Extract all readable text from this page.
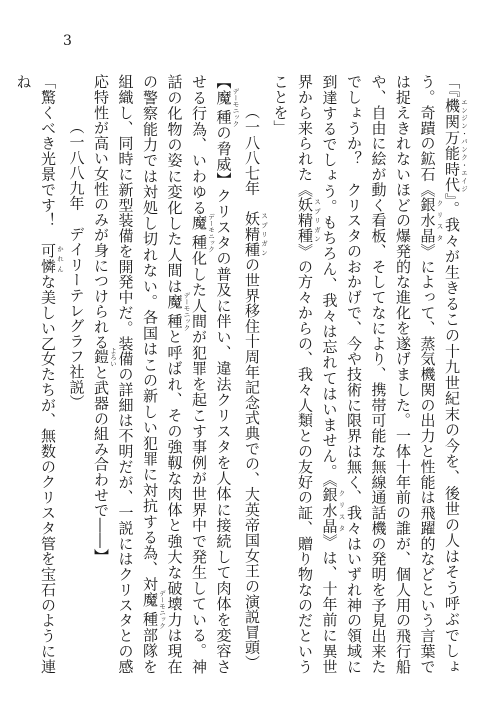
3

「『機関万能時代 エンジン・パンク・エイジ』。我々が生きるこの十九世紀末の今を、後世の人はそう呼ぶでしょう。奇蹟の鉱石《銀水晶 クリスタ》によって、蒸気機関の出力と性能は飛躍的などという言葉では捉えきれないほどの爆発的な進化を遂げました。一体十年前の誰が、個人用の飛行船や、自由に絵が動く看板、そしてなにより、携帯可能な無線通話機の発明を予見出来たでしょうか？　クリスタのおかげで、今や技術に限界は無く、我々はいずれ神の領域に到達するでしょう。もちろん、我々は忘れてはいません。《銀水晶 クリスタ》は、十年前に異世界から来られた《妖精種 スプリガン》の方々からの、我々人類との友好の証、贈り物なのだということを」

（一八八七年　妖精種 スプリガンの世界移住十周年記念式典での、大英帝国女王の演説冒頭）

【魔種 デーモニックの脅威】クリスタの普及に伴い、違法クリスタを人体に接続して肉体を変容させる行為、いわゆる魔種 デーモニック化した人間が犯罪を起こす事例が世界中で発生している。神話の化物の姿に変化した人間は魔種 デーモニックと呼ばれ、その強靱な肉体と強大な破壊力は現在の警察能力では対処し切れない。各国はこの新しい犯罪に対抗する為、対魔種 デーモニック部隊を組織し、同時に新型装備を開発中だ。装備の詳細は不明だが、一説にはクリスタとの感応特性が高い女性のみが身につけられる鎧 よろいと武器の組み合わせで――】

（一八八九年　デイリーテレグラフ社説）

「驚くべき光景です！　可憐 かれんな美しい乙女たちが、無数のクリスタ管を宝石のように連ね
